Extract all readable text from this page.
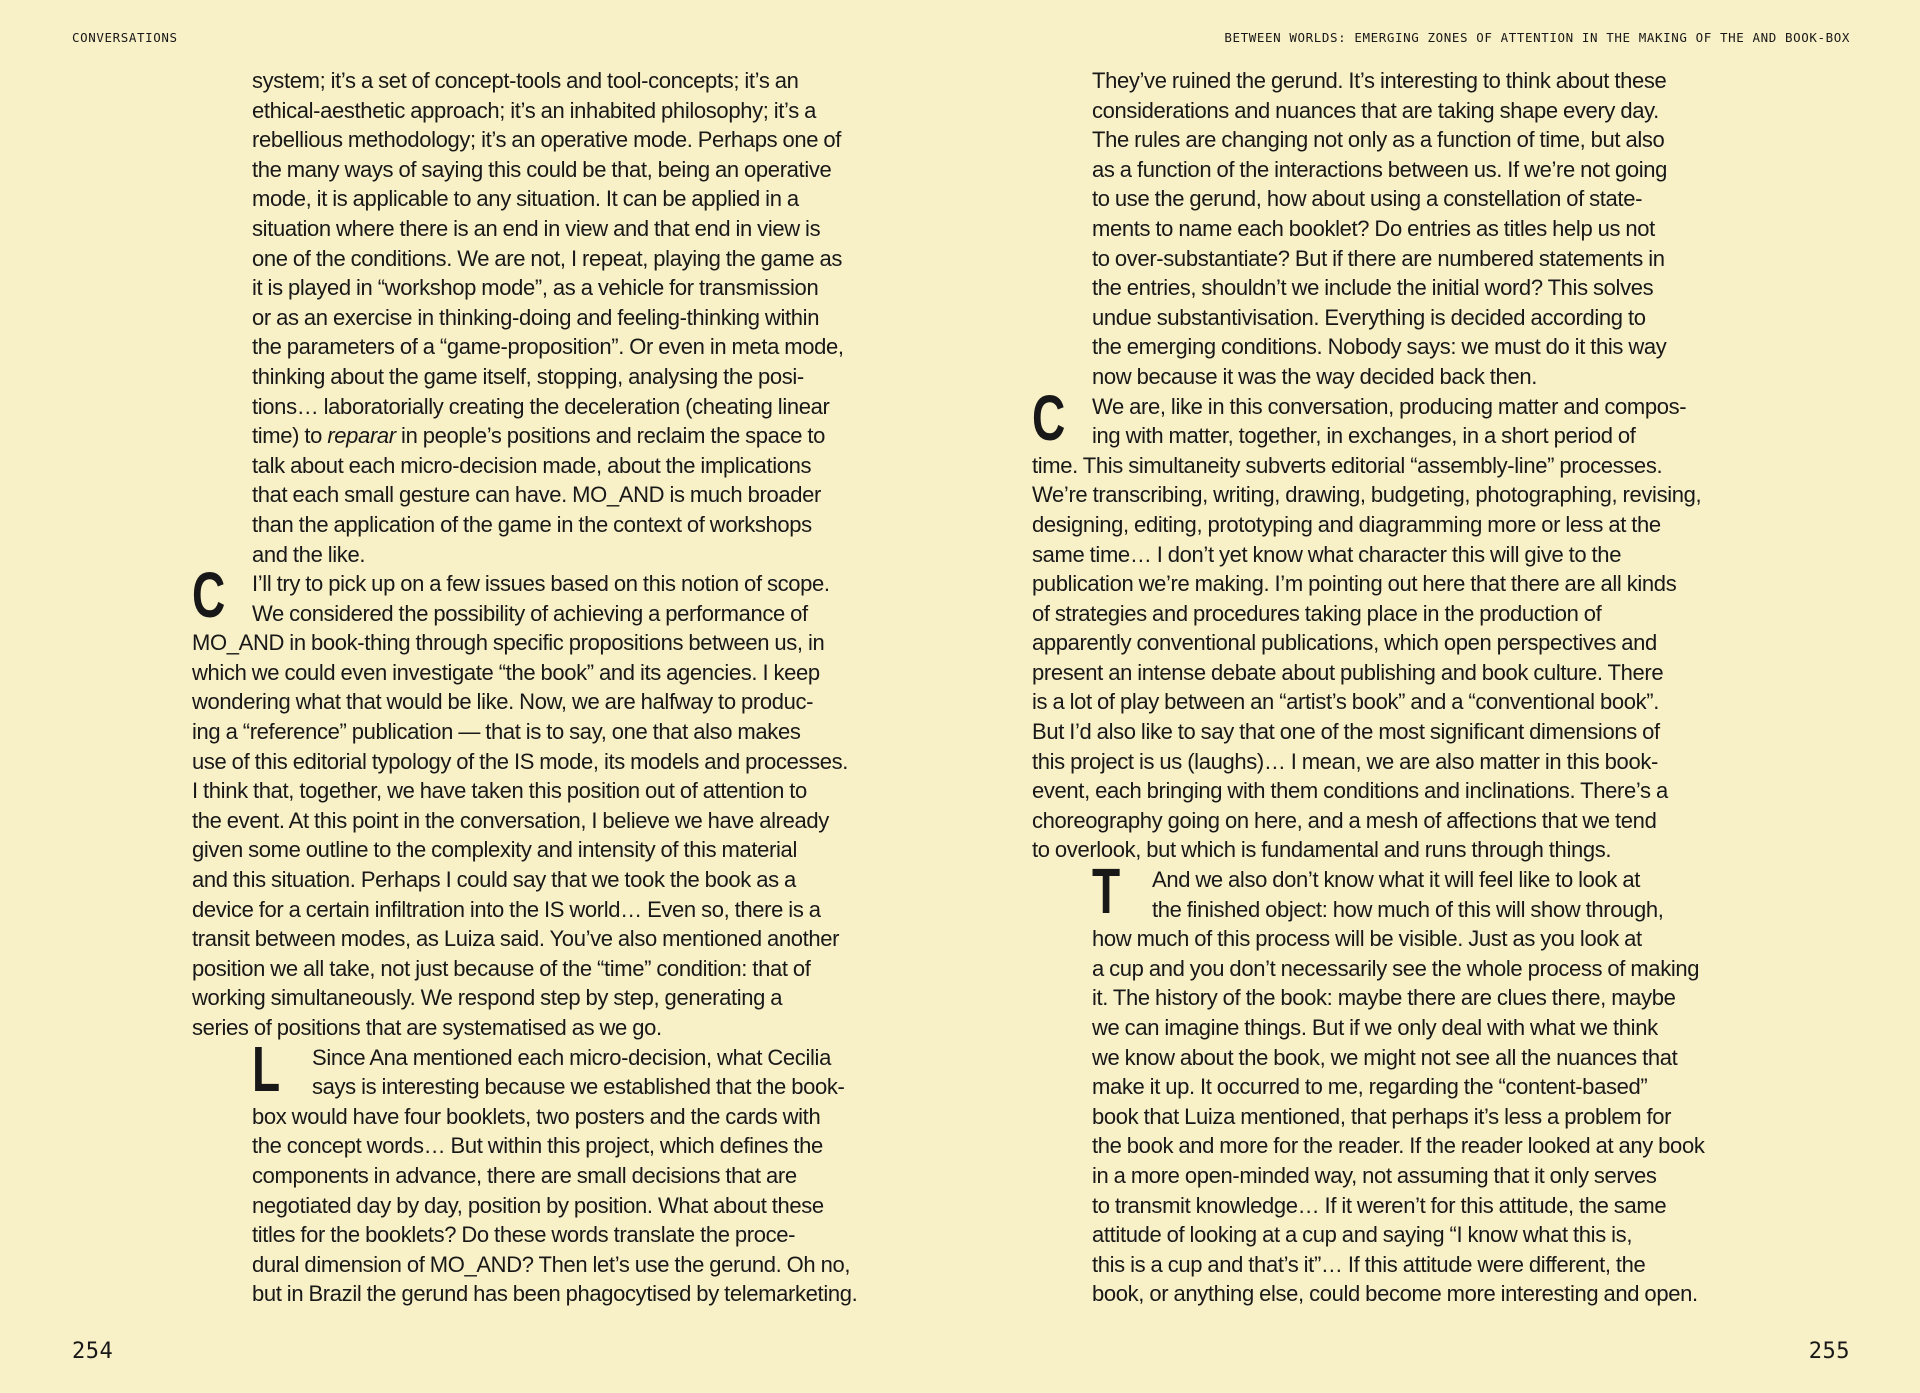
CONVERSATIONS	BETWEEN WORLDS: EMERGING ZONES OF ATTENTION IN THE MAKING OF THE AND BOOK-BOX
system; it’s a set of concept-tools and tool-concepts; it’s an
ethical-aesthetic approach; it’s an inhabited philosophy; it’s a
rebellious methodology; it’s an operative mode. Perhaps one of
the many ways of saying this could be that, being an operative
mode, it is applicable to any situation. It can be applied in a
situation where there is an end in view and that end in view is
one of the conditions. We are not, I repeat, playing the game as
it is played in “workshop mode”, as a vehicle for transmission
or as an exercise in thinking-doing and feeling-thinking within
the parameters of a “game-proposition”. Or even in meta mode,
thinking about the game itself, stopping, analysing the posi-
tions… laboratorially creating the deceleration (cheating linear
time) to reparar in people’s positions and reclaim the space to
talk about each micro-decision made, about the implications
that each small gesture can have. MO_AND is much broader
than the application of the game in the context of workshops
and the like.
C	I’ll try to pick up on a few issues based on this notion of scope.
We considered the possibility of achieving a performance of
MO_AND in book-thing through specific propositions between us, in
which we could even investigate “the book” and its agencies. I keep
wondering what that would be like. Now, we are halfway to produc-
ing a “reference” publication — that is to say, one that also makes
use of this editorial typology of the IS mode, its models and processes.
I think that, together, we have taken this position out of attention to
the event. At this point in the conversation, I believe we have already
given some outline to the complexity and intensity of this material
and this situation. Perhaps I could say that we took the book as a
device for a certain infiltration into the IS world… Even so, there is a
transit between modes, as Luiza said. You’ve also mentioned another
position we all take, not just because of the “time” condition: that of
working simultaneously. We respond step by step, generating a
series of positions that are systematised as we go.
L	Since Ana mentioned each micro-decision, what Cecilia
says is interesting because we established that the book-
box would have four booklets, two posters and the cards with
the concept words… But within this project, which defines the
components in advance, there are small decisions that are
negotiated day by day, position by position. What about these
titles for the booklets? Do these words translate the proce-
dural dimension of MO_AND? Then let’s use the gerund. Oh no,
but in Brazil the gerund has been phagocytised by telemarketing.
They’ve ruined the gerund. It’s interesting to think about these
considerations and nuances that are taking shape every day.
The rules are changing not only as a function of time, but also
as a function of the interactions between us. If we’re not going
to use the gerund, how about using a constellation of state-
ments to name each booklet? Do entries as titles help us not
to over-substantiate? But if there are numbered statements in
the entries, shouldn’t we include the initial word? This solves
undue substantivisation. Everything is decided according to
the emerging conditions. Nobody says: we must do it this way
now because it was the way decided back then.
C	We are, like in this conversation, producing matter and compos-
ing with matter, together, in exchanges, in a short period of
time. This simultaneity subverts editorial “assembly-line” processes.
We’re transcribing, writing, drawing, budgeting, photographing, revising,
designing, editing, prototyping and diagramming more or less at the
same time… I don’t yet know what character this will give to the
publication we’re making. I’m pointing out here that there are all kinds
of strategies and procedures taking place in the production of
apparently conventional publications, which open perspectives and
present an intense debate about publishing and book culture. There
is a lot of play between an “artist’s book” and a “conventional book”.
But I’d also like to say that one of the most significant dimensions of
this project is us (laughs)… I mean, we are also matter in this book-
event, each bringing with them conditions and inclinations. There’s a
choreography going on here, and a mesh of affections that we tend
to overlook, but which is fundamental and runs through things.
T	And we also don’t know what it will feel like to look at
the finished object: how much of this will show through,
how much of this process will be visible. Just as you look at
a cup and you don’t necessarily see the whole process of making
it. The history of the book: maybe there are clues there, maybe
we can imagine things. But if we only deal with what we think
we know about the book, we might not see all the nuances that
make it up. It occurred to me, regarding the “content-based”
book that Luiza mentioned, that perhaps it’s less a problem for
the book and more for the reader. If the reader looked at any book
in a more open-minded way, not assuming that it only serves
to transmit knowledge… If it weren’t for this attitude, the same
attitude of looking at a cup and saying “I know what this is,
this is a cup and that’s it”… If this attitude were different, the
book, or anything else, could become more interesting and open.
254	255
